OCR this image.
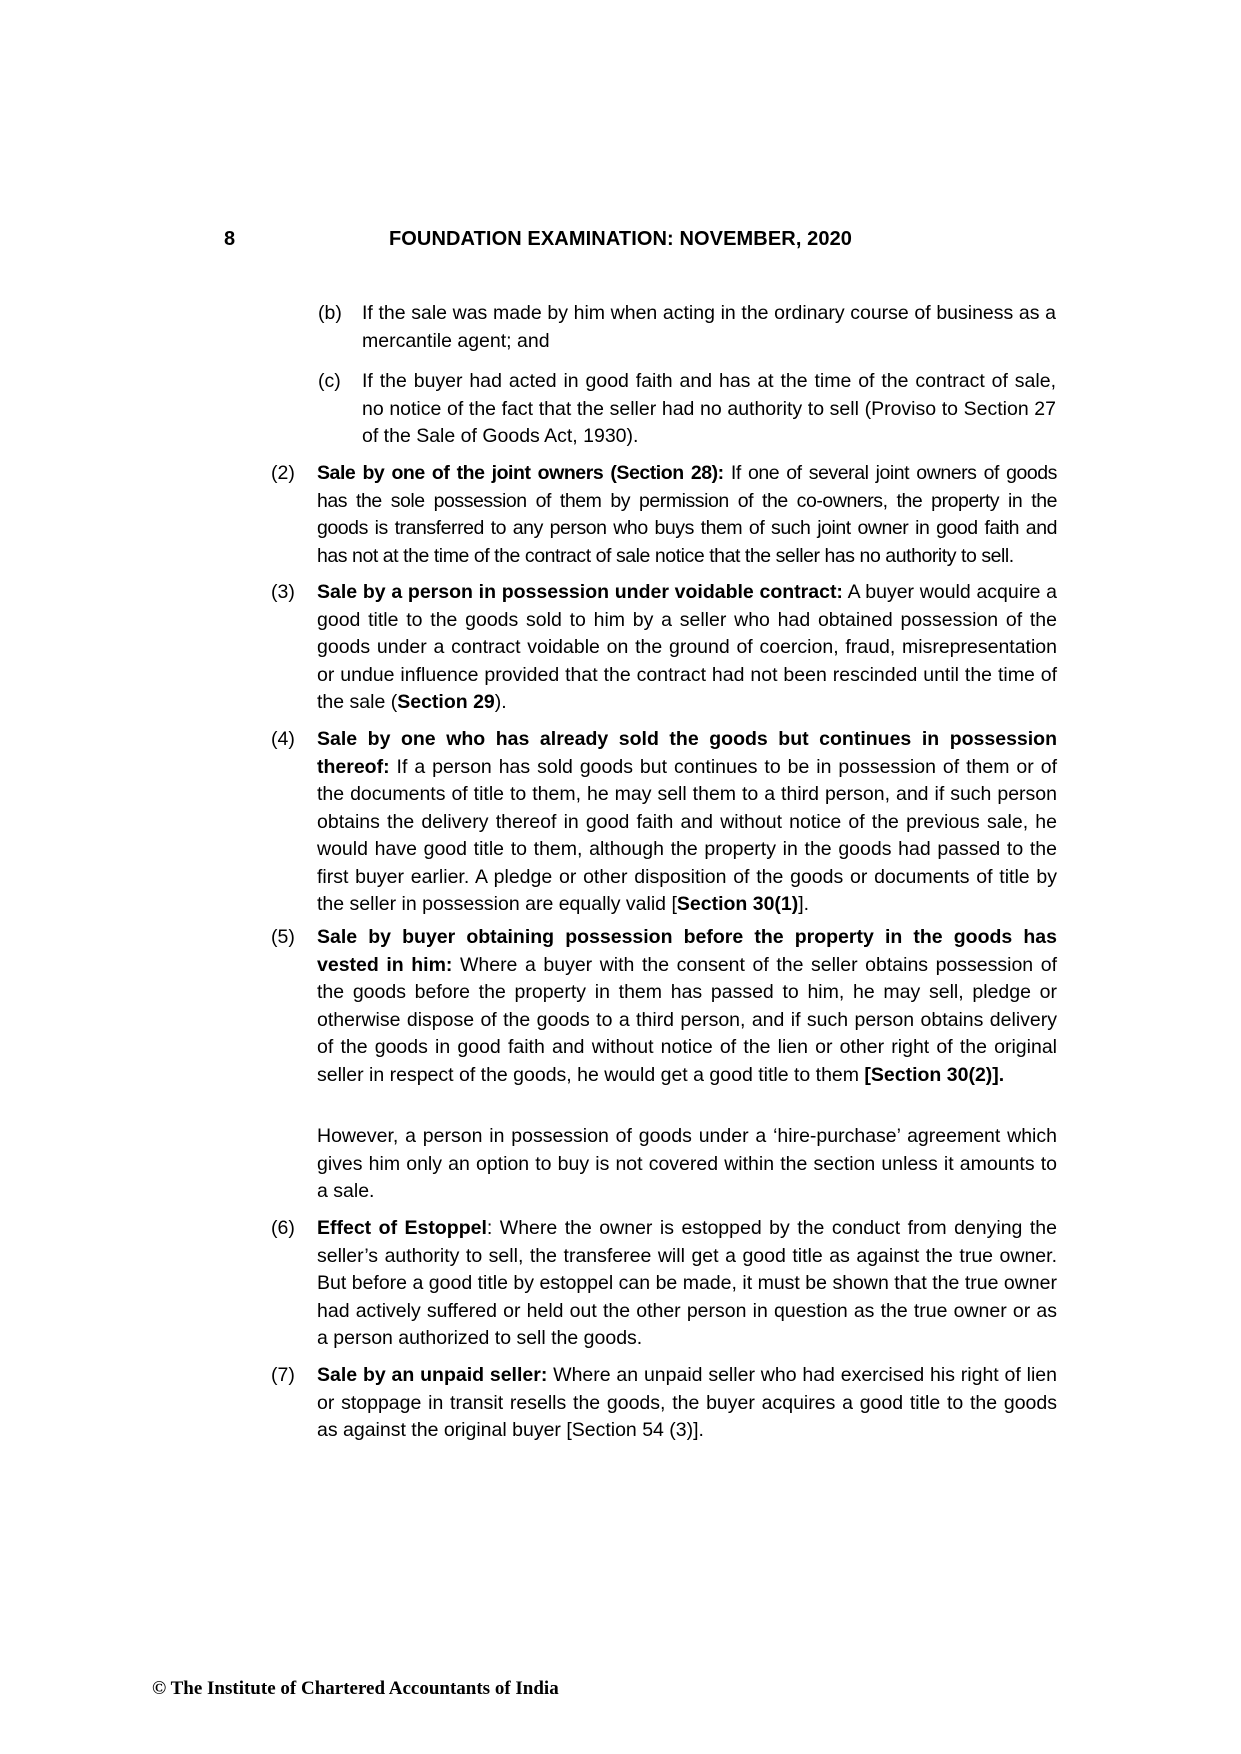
8	FOUNDATION EXAMINATION: NOVEMBER, 2020
(b) If the sale was made by him when acting in the ordinary course of business as a mercantile agent; and
(c) If the buyer had acted in good faith and has at the time of the contract of sale, no notice of the fact that the seller had no authority to sell (Proviso to Section 27 of the Sale of Goods Act, 1930).
(2) Sale by one of the joint owners (Section 28): If one of several joint owners of goods has the sole possession of them by permission of the co-owners, the property in the goods is transferred to any person who buys them of such joint owner in good faith and has not at the time of the contract of sale notice that the seller has no authority to sell.
(3) Sale by a person in possession under voidable contract: A buyer would acquire a good title to the goods sold to him by a seller who had obtained possession of the goods under a contract voidable on the ground of coercion, fraud, misrepresentation or undue influence provided that the contract had not been rescinded until the time of the sale (Section 29).
(4) Sale by one who has already sold the goods but continues in possession thereof: If a person has sold goods but continues to be in possession of them or of the documents of title to them, he may sell them to a third person, and if such person obtains the delivery thereof in good faith and without notice of the previous sale, he would have good title to them, although the property in the goods had passed to the first buyer earlier. A pledge or other disposition of the goods or documents of title by the seller in possession are equally valid [Section 30(1)].
(5) Sale by buyer obtaining possession before the property in the goods has vested in him: Where a buyer with the consent of the seller obtains possession of the goods before the property in them has passed to him, he may sell, pledge or otherwise dispose of the goods to a third person, and if such person obtains delivery of the goods in good faith and without notice of the lien or other right of the original seller in respect of the goods, he would get a good title to them [Section 30(2)].
However, a person in possession of goods under a ‘hire-purchase’ agreement which gives him only an option to buy is not covered within the section unless it amounts to a sale.
(6) Effect of Estoppel: Where the owner is estopped by the conduct from denying the seller’s authority to sell, the transferee will get a good title as against the true owner. But before a good title by estoppel can be made, it must be shown that the true owner had actively suffered or held out the other person in question as the true owner or as a person authorized to sell the goods.
(7) Sale by an unpaid seller: Where an unpaid seller who had exercised his right of lien or stoppage in transit resells the goods, the buyer acquires a good title to the goods as against the original buyer [Section 54 (3)].
© The Institute of Chartered Accountants of India
